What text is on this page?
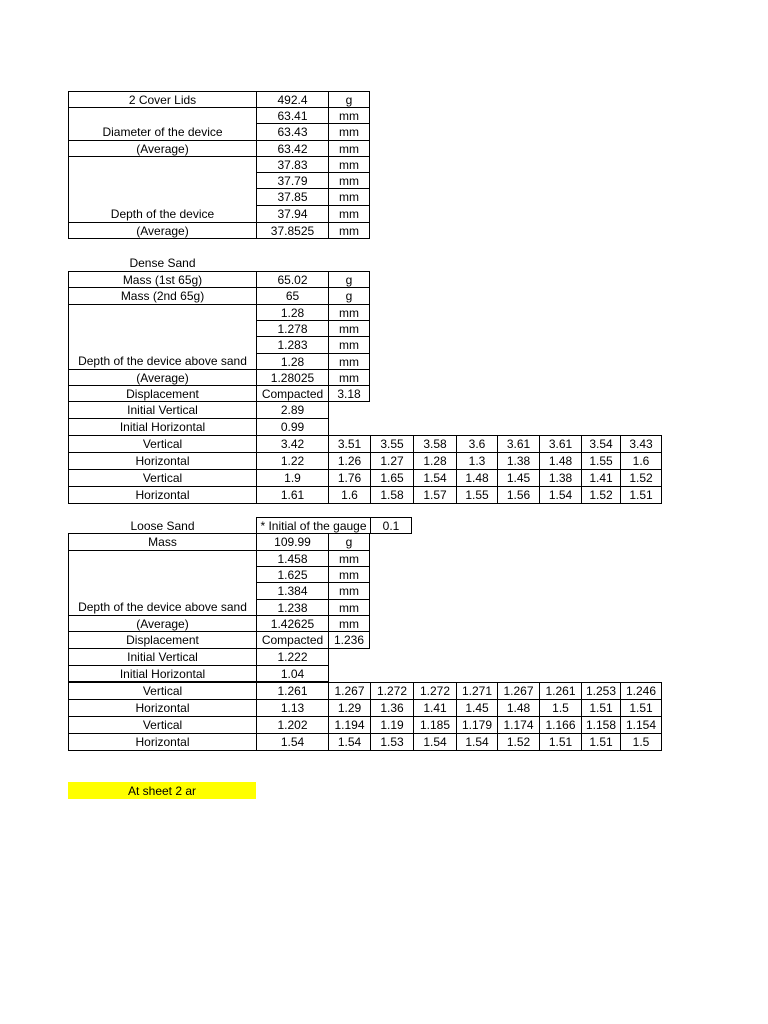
2 Cover Lids	492.4	g
Diameter of the device
63.41	mm
63.43	mm
(Average)	63.42	mm
Depth of the device
37.83	mm
37.79	mm
37.85	mm
37.94	mm
(Average)	37.8525	mm
Dense Sand
Mass (1st 65g)	65.02	g
Mass (2nd 65g)	65	g
Depth of the device above sand
1.28	mm
1.278	mm
1.283	mm
1.28	mm
(Average)	1.28025	mm
Displacement	Compacted	3.18
Initial Vertical	2.89
Initial Horizontal	0.99
Vertical	3.42	3.51	3.55	3.58	3.6	3.61	3.61	3.54	3.43
Horizontal	1.22	1.26	1.27	1.28	1.3	1.38	1.48	1.55	1.6
Vertical	1.9	1.76	1.65	1.54	1.48	1.45	1.38	1.41	1.52
Horizontal	1.61	1.6	1.58	1.57	1.55	1.56	1.54	1.52	1.51
Loose Sand	* Initial of the gauge	0.1
Mass	109.99	g
Depth of the device above sand
1.458	mm
1.625	mm
1.384	mm
1.238	mm
(Average)	1.42625	mm
Displacement	Compacted 1.236
Initial Vertical	1.222
Initial Horizontal	1.04
Vertical	1.261	1.267	1.272	1.272 1.271 1.267 1.261 1.253 1.246
Horizontal	1.13	1.29	1.36	1.41	1.45	1.48	1.5	1.51	1.51
Vertical	1.202	1.194	1.19	1.185 1.179 1.174 1.166 1.158 1.154
Horizontal	1.54	1.54	1.53	1.54	1.54	1.52	1.51	1.51	1.5
At sheet 2 ar
